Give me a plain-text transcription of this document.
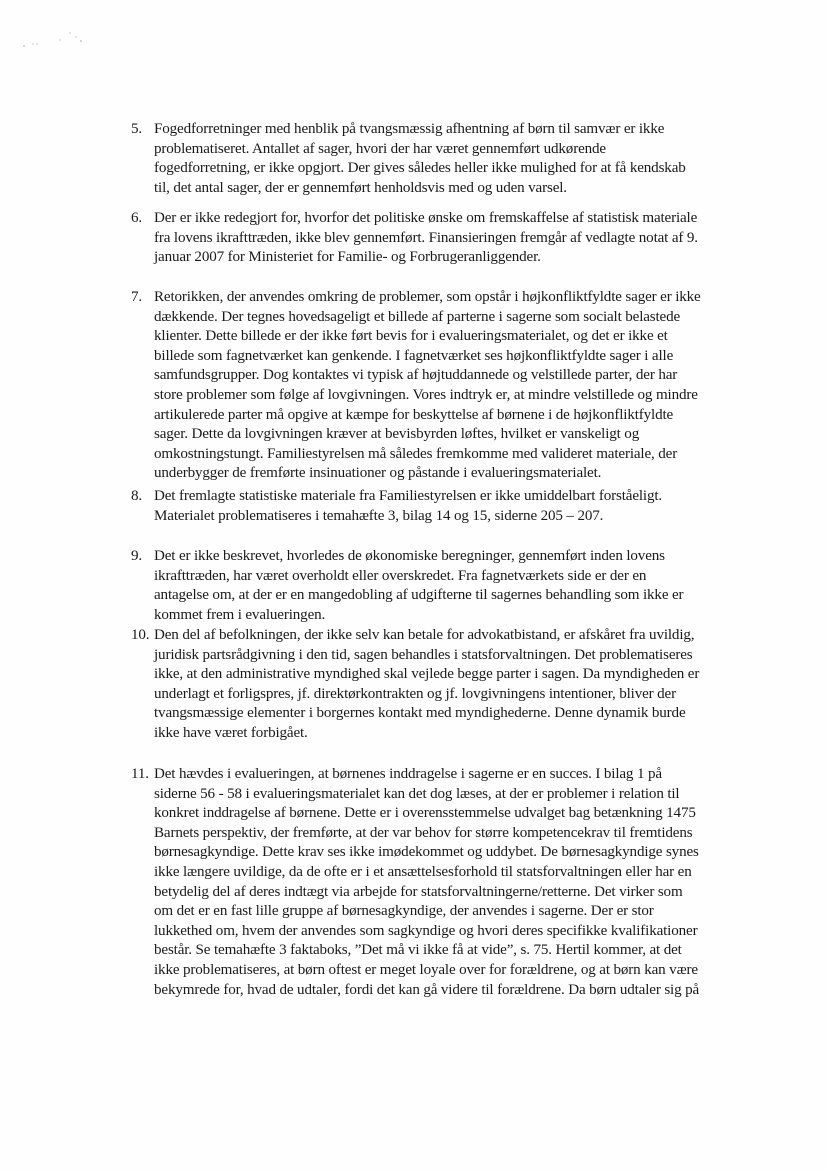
5. Fogedforretninger med henblik på tvangsmæssig afhentning af børn til samvær er ikke
problematiseret. Antallet af sager, hvori der har været gennemført udkørende
fogedforretning, er ikke opgjort. Der gives således heller ikke mulighed for at få kendskab
til, det antal sager, der er gennemført henholdsvis med og uden varsel.
6. Der er ikke redegjort for, hvorfor det politiske ønske om fremskaffelse af statistisk materiale
fra lovens ikrafttræden, ikke blev gennemført. Finansieringen fremgår af vedlagte notat af 9.
januar 2007 for Ministeriet for Familie- og Forbrugeranliggender.
7. Retorikken, der anvendes omkring de problemer, som opstår i højkonfliktfyldte sager er ikke
dækkende. Der tegnes hovedsageligt et billede af parterne i sagerne som socialt belastede
klienter. Dette billede er der ikke ført bevis for i evalueringsmaterialet, og det er ikke et
billede som fagnetværket kan genkende. I fagnetværket ses højkonfliktfyldte sager i alle
samfundsgrupper. Dog kontaktes vi typisk af højtuddannede og velstillede parter, der har
store problemer som følge af lovgivningen. Vores indtryk er, at mindre velstillede og mindre
artikulerede parter må opgive at kæmpe for beskyttelse af børnene i de højkonfliktfyldte
sager. Dette da lovgivningen kræver at bevisbyrden løftes, hvilket er vanskeligt og
omkostningstungt. Familiestyrelsen må således fremkomme med valideret materiale, der
underbygger de fremførte insinuationer og påstande i evalueringsmaterialet.
8. Det fremlagte statistiske materiale fra Familiestyrelsen er ikke umiddelbart forståeligt.
Materialet problematiseres i temahæfte 3, bilag 14 og 15, siderne 205 – 207.
9. Det er ikke beskrevet, hvorledes de økonomiske beregninger, gennemført inden lovens
ikrafttræden, har været overholdt eller overskredet. Fra fagnetværkets side er der en
antagelse om, at der er en mangedobling af udgifterne til sagernes behandling som ikke er
kommet frem i evalueringen.
10. Den del af befolkningen, der ikke selv kan betale for advokatbistand, er afskåret fra uvildig,
juridisk partsrådgivning i den tid, sagen behandles i statsforvaltningen. Det problematiseres
ikke, at den administrative myndighed skal vejlede begge parter i sagen. Da myndigheden er
underlagt et forligspres, jf. direktørkontrakten og jf. lovgivningens intentioner, bliver der
tvangsmæssige elementer i borgernes kontakt med myndighederne. Denne dynamik burde
ikke have været forbigået.
11. Det hævdes i evalueringen, at børnenes inddragelse i sagerne er en succes. I bilag 1 på
siderne 56 - 58 i evalueringsmaterialet kan det dog læses, at der er problemer i relation til
konkret inddragelse af børnene. Dette er i overensstemmelse udvalget bag betænkning 1475
Barnets perspektiv, der fremførte, at der var behov for større kompetencekrav til fremtidens
børnesagkyndige. Dette krav ses ikke imødekommet og uddybet. De børnesagkyndige synes
ikke længere uvildige, da de ofte er i et ansættelsesforhold til statsforvaltningen eller har en
betydelig del af deres indtægt via arbejde for statsforvaltningerne/retterne. Det virker som
om det er en fast lille gruppe af børnesagkyndige, der anvendes i sagerne. Der er stor
lukkethed om, hvem der anvendes som sagkyndige og hvori deres specifikke kvalifikationer
består. Se temahæfte 3 faktaboks, ”Det må vi ikke få at vide”, s. 75. Hertil kommer, at det
ikke problematiseres, at børn oftest er meget loyale over for forældrene, og at børn kan være
bekymrede for, hvad de udtaler, fordi det kan gå videre til forældrene. Da børn udtaler sig på
